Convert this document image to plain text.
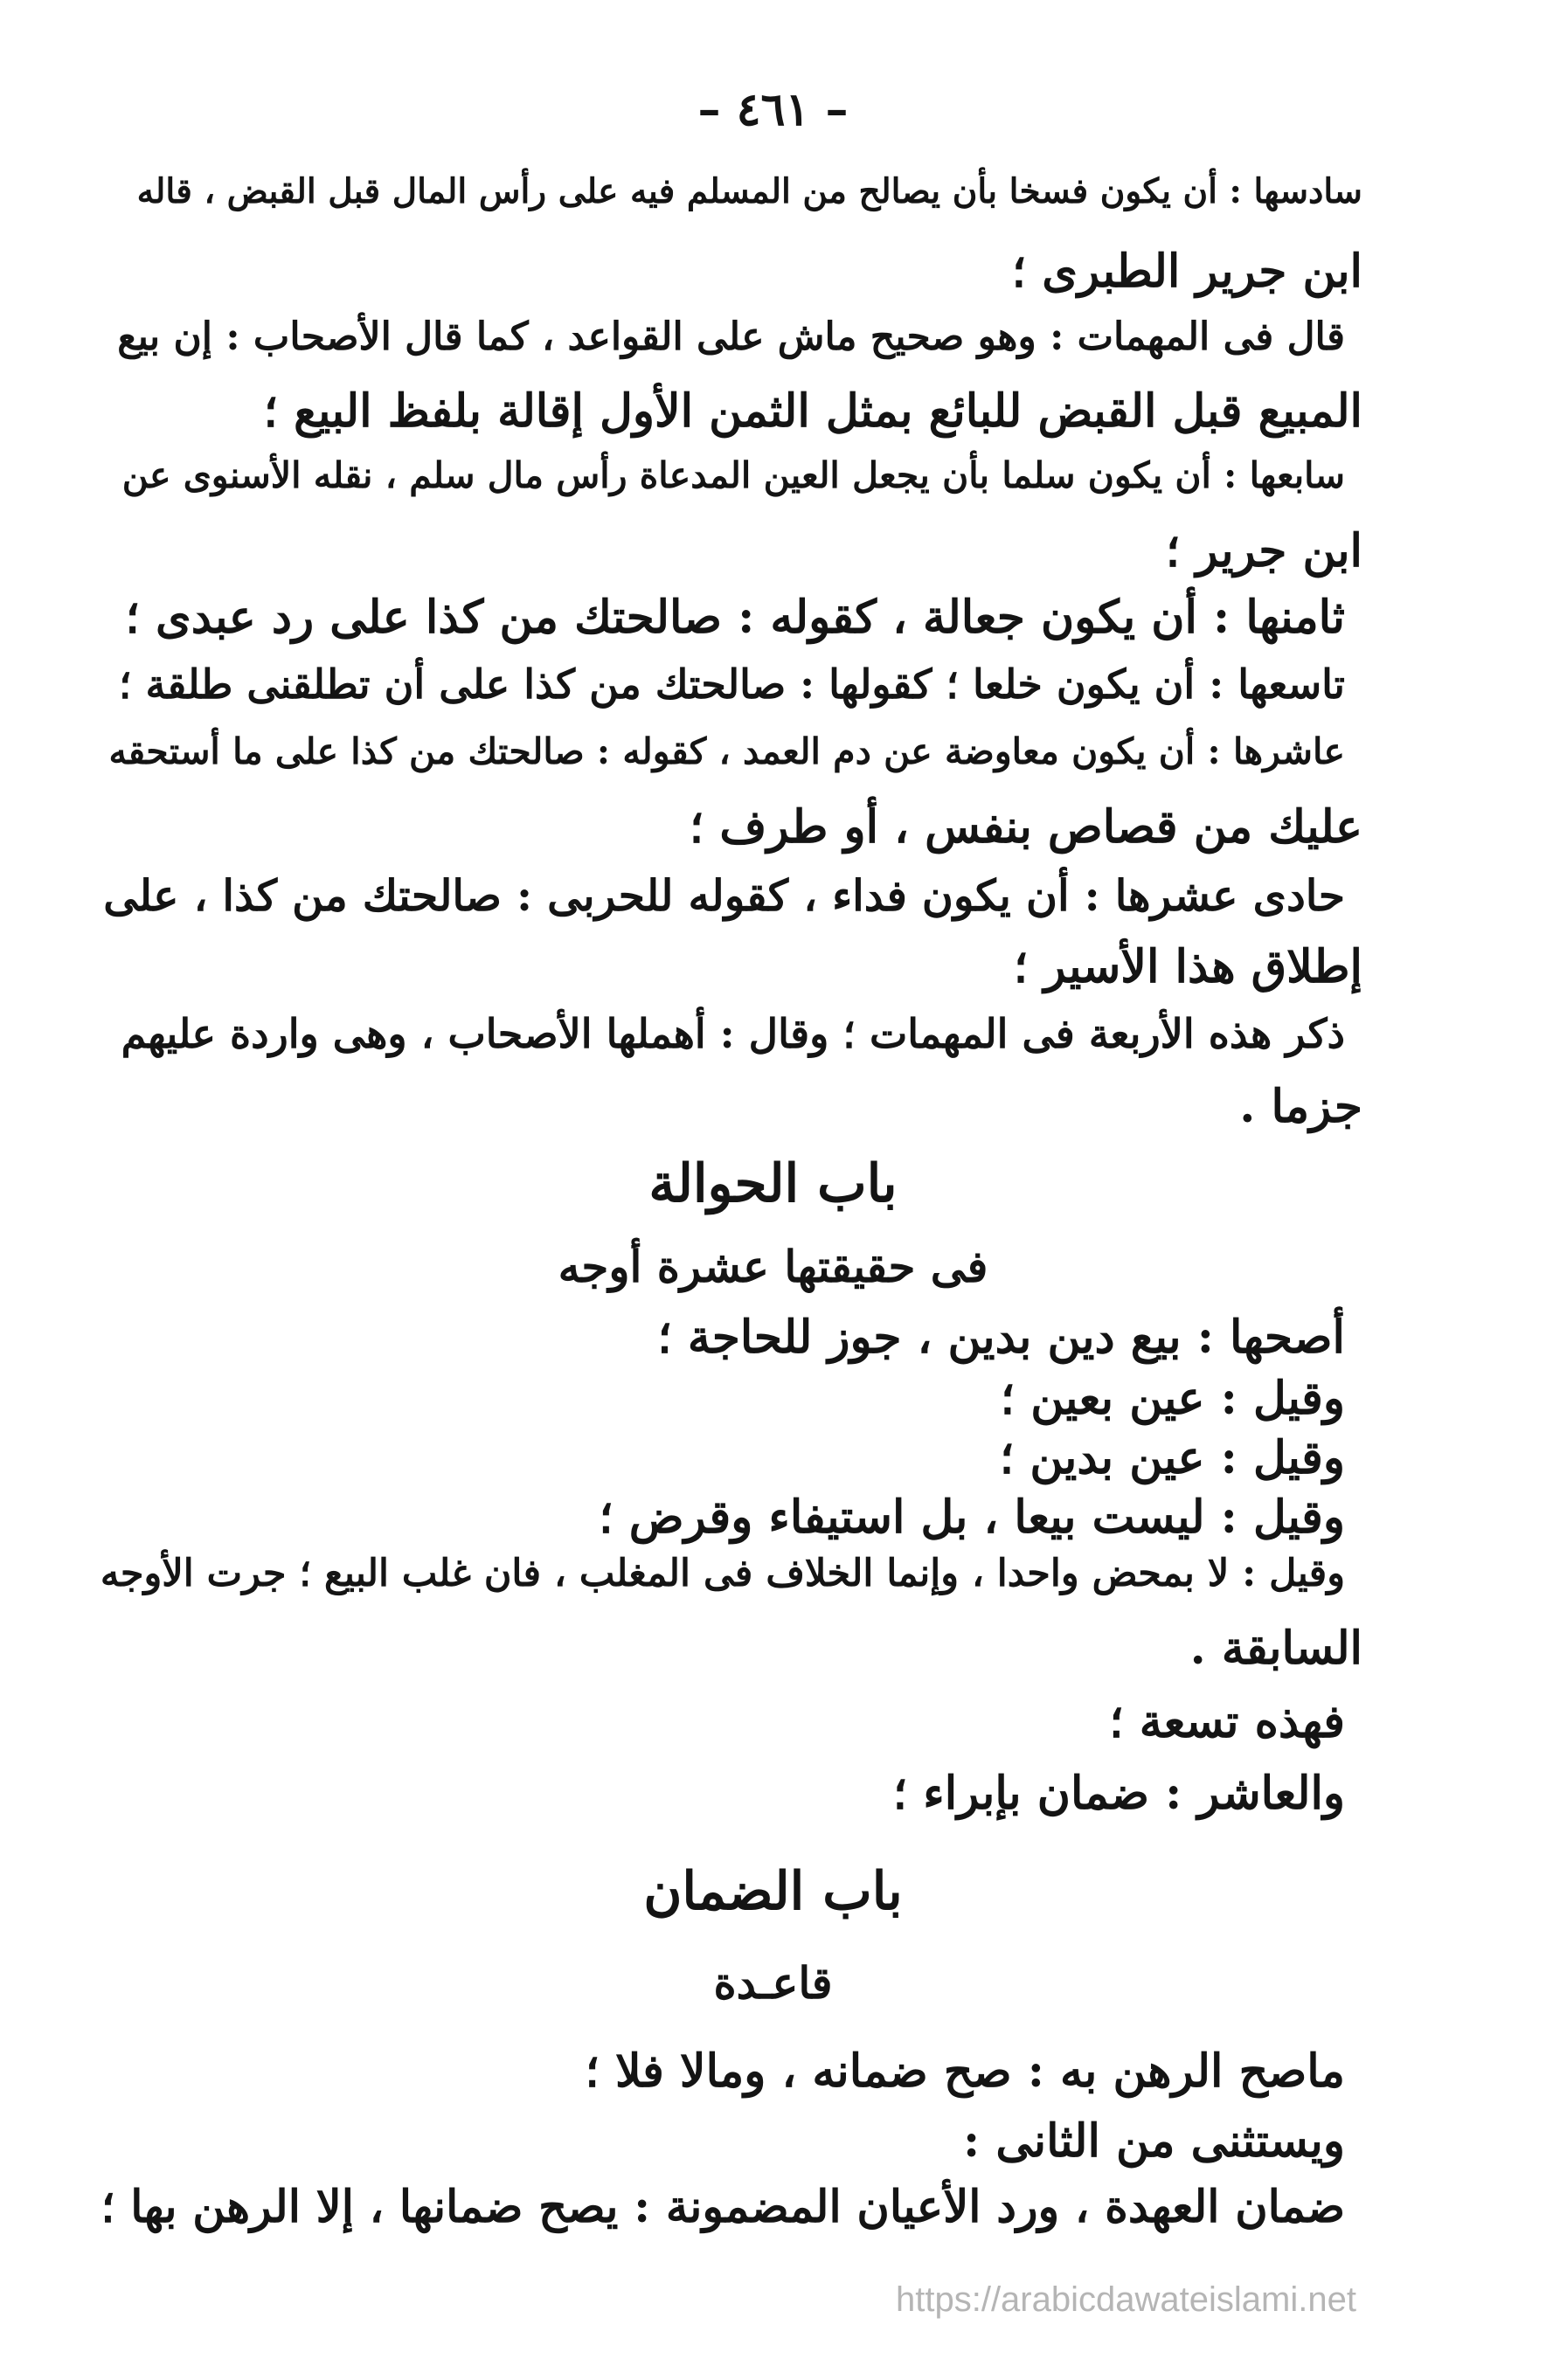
– ٤٦١ –
سادسها : أن يكون فسخا بأن يصالح من المسلم فيه على رأس المال قبل القبض ، قاله
ابن جرير الطبرى ؛
قال فى المهمات : وهو صحيح ماش على القواعد ، كما قال الأصحاب : إن بيع
المبيع قبل القبض للبائع بمثل الثمن الأول إقالة بلفظ البيع ؛
سابعها : أن يكون سلما بأن يجعل العين المدعاة رأس مال سلم ، نقله الأسنوى عن
ابن جرير ؛
ثامنها : أن يكون جعالة ، كقوله : صالحتك من كذا على رد عبدى ؛
تاسعها : أن يكون خلعا ؛ كقولها : صالحتك من كذا على أن تطلقنى طلقة ؛
عاشرها : أن يكون معاوضة عن دم العمد ، كقوله : صالحتك من كذا على ما أستحقه
عليك من قصاص بنفس ، أو طرف ؛
حادى عشرها : أن يكون فداء ، كقوله للحربى : صالحتك من كذا ، على
إطلاق هذا الأسير ؛
ذكر هذه الأربعة فى المهمات ؛ وقال : أهملها الأصحاب ، وهى واردة عليهم
جزما .
باب الحوالة
فى حقيقتها عشرة أوجه
أصحها : بيع دين بدين ، جوز للحاجة ؛
وقيل : عين بعين ؛
وقيل : عين بدين ؛
وقيل : ليست بيعا ، بل استيفاء وقرض ؛
وقيل : لا بمحض واحدا ، وإنما الخلاف فى المغلب ، فان غلب البيع ؛ جرت الأوجه
السابقة .
فهذه تسعة ؛
والعاشر : ضمان بإبراء ؛
باب الضمان
قاعـدة
ماصح الرهن به : صح ضمانه ، ومالا فلا ؛
ويستثنى من الثانى :
ضمان العهدة ، ورد الأعيان المضمونة : يصح ضمانها ، إلا الرهن بها ؛
https://arabicdawateislami.net
